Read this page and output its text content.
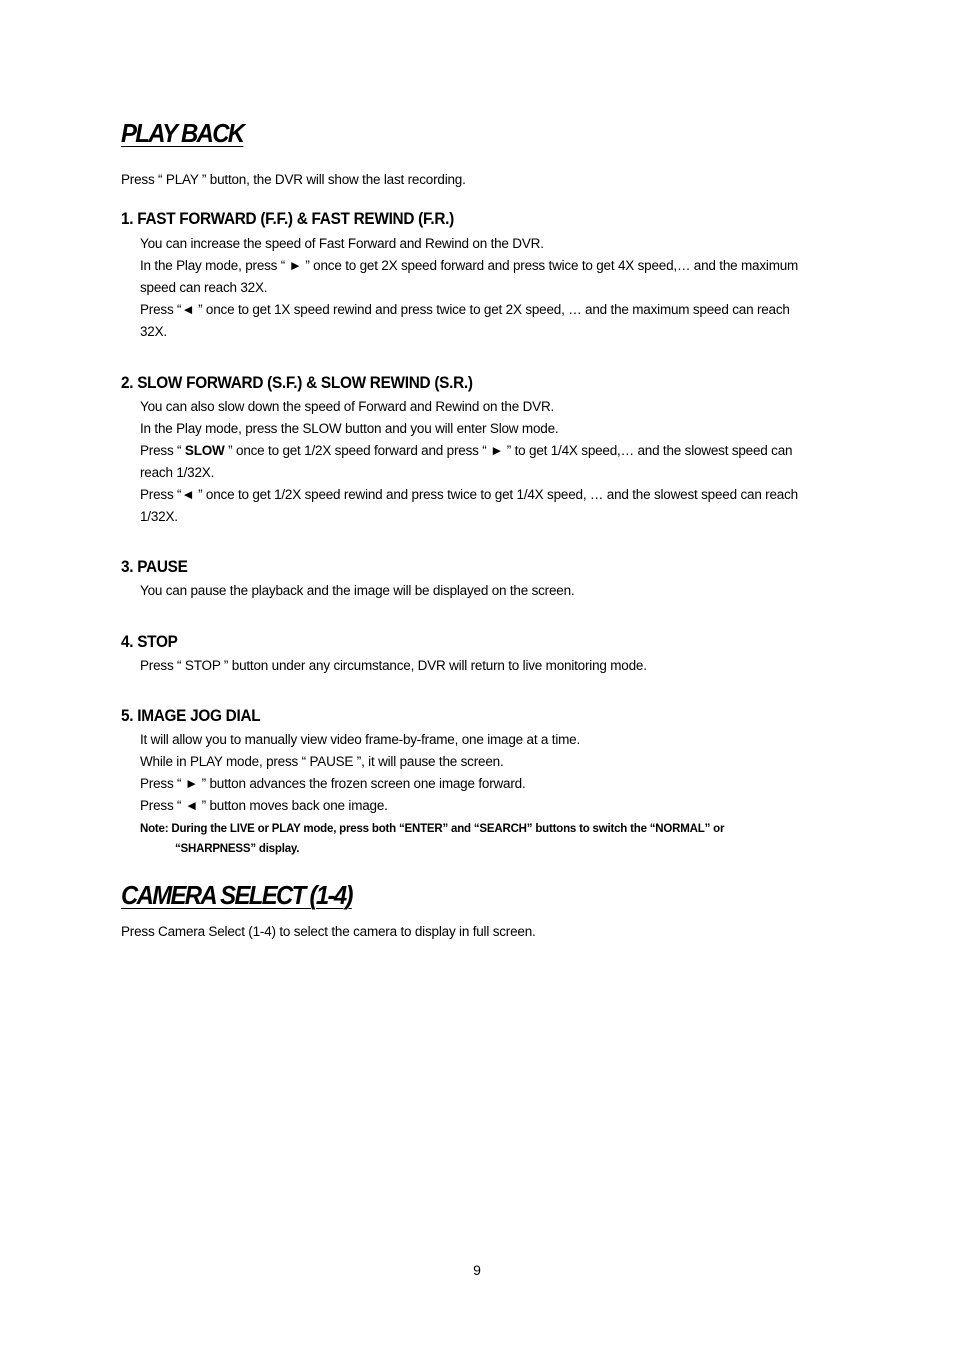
PLAY BACK

Press “ PLAY ” button, the DVR will show the last recording.

1. FAST FORWARD (F.F.) & FAST REWIND (F.R.)
You can increase the speed of Fast Forward and Rewind on the DVR.
In the Play mode, press “ ► ” once to get 2X speed forward and press twice to get 4X speed,… and the maximum
speed can reach 32X.
Press “◄ ” once to get 1X speed rewind and press twice to get 2X speed, … and the maximum speed can reach
32X.
2. SLOW FORWARD (S.F.) & SLOW REWIND (S.R.)
You can also slow down the speed of Forward and Rewind on the DVR.
In the Play mode, press the SLOW button and you will enter Slow mode.
Press “ SLOW ” once to get 1/2X speed forward and press “ ► ” to get 1/4X speed,… and the slowest speed can
reach 1/32X.
Press “◄ ” once to get 1/2X speed rewind and press twice to get 1/4X speed, … and the slowest speed can reach
1/32X.
3. PAUSE
You can pause the playback and the image will be displayed on the screen.
4. STOP
Press “ STOP ” button under any circumstance, DVR will return to live monitoring mode.
5. IMAGE JOG DIAL
It will allow you to manually view video frame-by-frame, one image at a time.
While in PLAY mode, press “ PAUSE ”, it will pause the screen.
Press “ ► ” button advances the frozen screen one image forward.
Press “ ◄ ” button moves back one image.
Note: During the LIVE or PLAY mode, press both “ENTER” and “SEARCH” buttons to switch the “NORMAL” or
“SHARPNESS” display.
CAMERA SELECT (1-4)

Press Camera Select (1-4) to select the camera to display in full screen.

9
